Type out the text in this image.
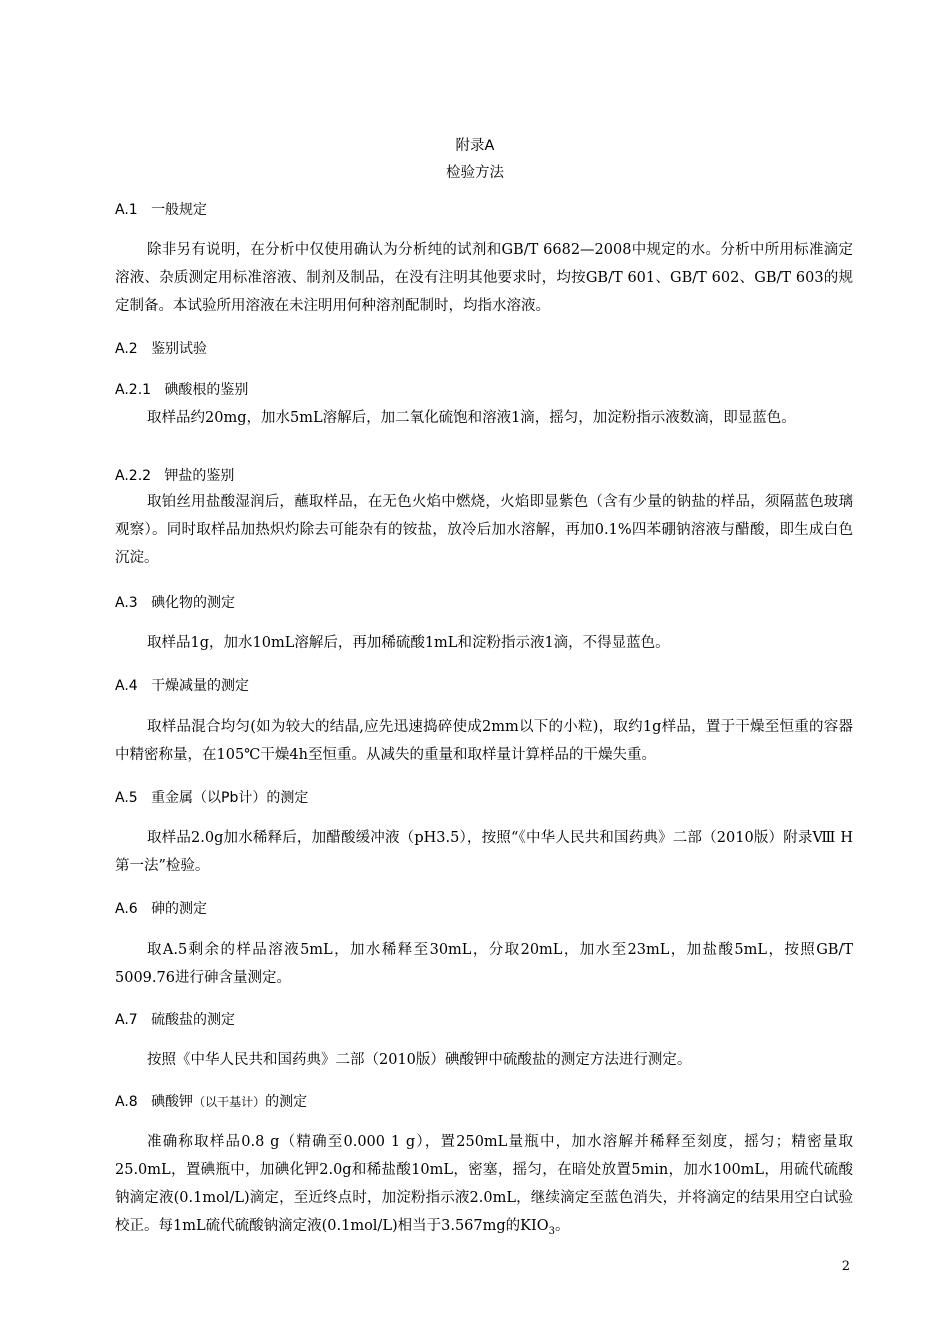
附录A
检验方法
A.1 一般规定

除非另有说明，在分析中仅使用确认为分析纯的试剂和GB/T 6682—2008中规定的水。分析中所用标准滴定溶液、杂质测定用标准溶液、制剂及制品，在没有注明其他要求时，均按GB/T 601、GB/T 602、GB/T 603的规定制备。本试验所用溶液在未注明用何种溶剂配制时，均指水溶液。

A.2 鉴别试验
A.2.1 碘酸根的鉴别

取样品约20mg，加水5mL溶解后，加二氧化硫饱和溶液1滴，摇匀，加淀粉指示液数滴，即显蓝色。

A.2.2 钾盐的鉴别

取铂丝用盐酸湿润后，蘸取样品，在无色火焰中燃烧，火焰即显紫色（含有少量的钠盐的样品，须隔蓝色玻璃观察）。同时取样品加热炽灼除去可能杂有的铵盐，放冷后加水溶解，再加0.1%四苯硼钠溶液与醋酸，即生成白色沉淀。

A.3 碘化物的测定

取样品1g，加水10mL溶解后，再加稀硫酸1mL和淀粉指示液1滴，不得显蓝色。

A.4 干燥减量的测定

取样品混合均匀(如为较大的结晶,应先迅速捣碎使成2mm以下的小粒)，取约1g样品，置于干燥至恒重的容器中精密称量，在105℃干燥4h至恒重。从减失的重量和取样量计算样品的干燥失重。

A.5 重金属（以Pb计）的测定

取样品2.0g加水稀释后，加醋酸缓冲液（pH3.5），按照“《中华人民共和国药典》二部（2010版）附录Ⅷ H 第一法”检验。

A.6 砷的测定

取A.5剩余的样品溶液5mL，加水稀释至30mL，分取20mL，加水至23mL，加盐酸5mL，按照GB/T 5009.76进行砷含量测定。

A.7 硫酸盐的测定

按照《中华人民共和国药典》二部（2010版）碘酸钾中硫酸盐的测定方法进行测定。

A.8 碘酸钾（以干基计）的测定

准确称取样品0.8 g（精确至0.000 1 g），置250mL量瓶中，加水溶解并稀释至刻度，摇匀；精密量取25.0mL，置碘瓶中，加碘化钾2.0g和稀盐酸10mL，密塞，摇匀，在暗处放置5min，加水100mL，用硫代硫酸钠滴定液(0.1mol/L)滴定，至近终点时，加淀粉指示液2.0mL，继续滴定至蓝色消失，并将滴定的结果用空白试验校正。每1mL硫代硫酸钠滴定液(0.1mol/L)相当于3.567mg的$KIO_3$。

2
